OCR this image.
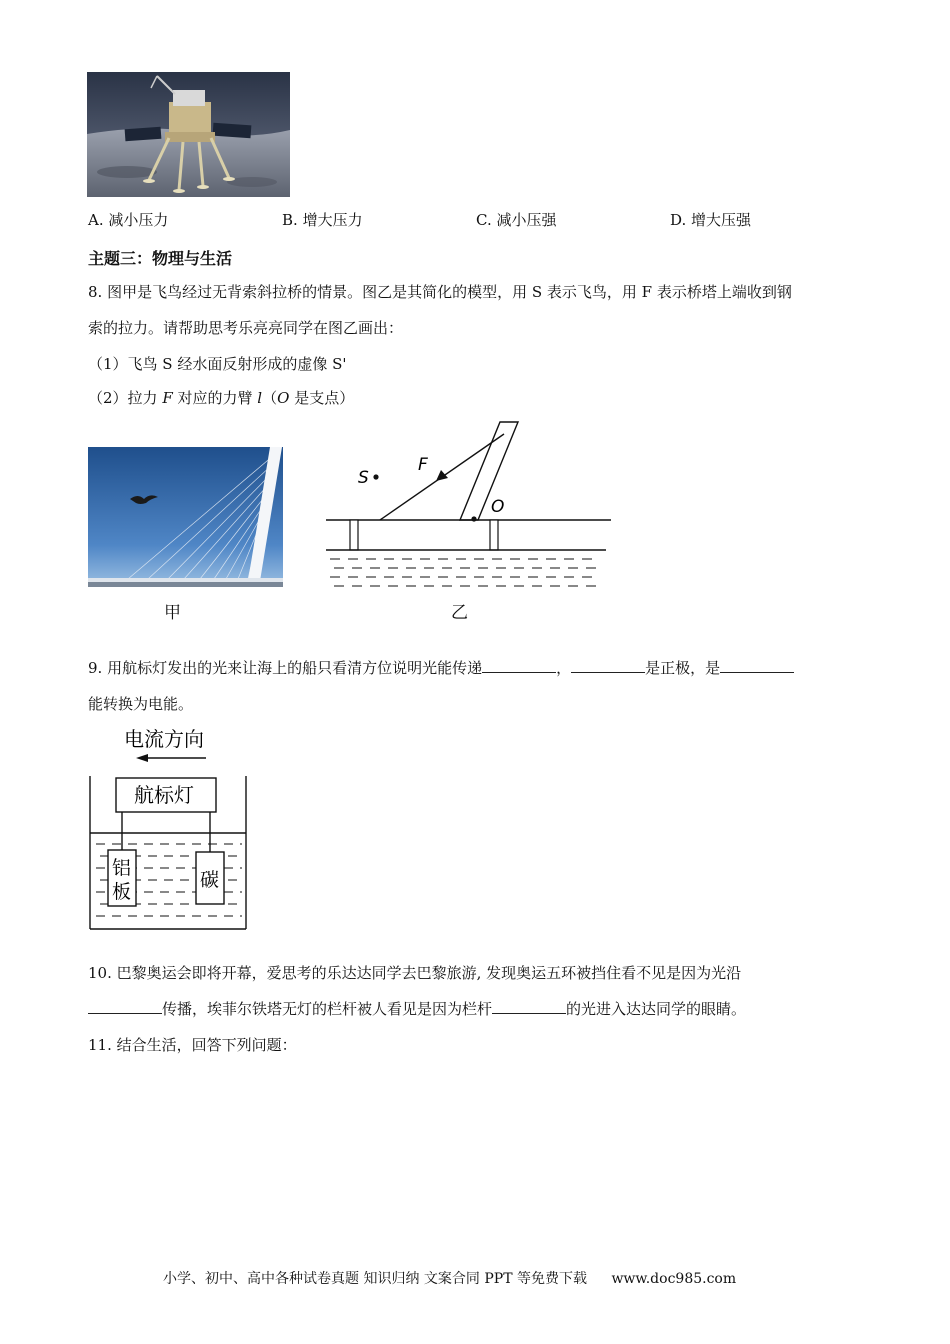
A. 减小压力	B. 增大压力	C. 减小压强	D. 增大压强
主题三：物理与生活
8. 图甲是飞鸟经过无背索斜拉桥的情景。图乙是其简化的模型，用 S 表示飞鸟，用 F 表示桥塔上端收到钢
索的拉力。请帮助思考乐亮亮同学在图乙画出：
（1）飞鸟 S 经水面反射形成的虚像 S'
（2）拉力 F 对应的力臂 l（O 是支点）
甲
S
F
O
乙
9. 用航标灯发出的光来让海上的船只看清方位说明光能传递	，	是正极，是
能转换为电能。
电流方向
航标灯
铝
板
碳
10. 巴黎奥运会即将开幕，爱思考的乐达达同学去巴黎旅游, 发现奥运五环被挡住看不见是因为光沿
传播，埃菲尔铁塔无灯的栏杆被人看见是因为栏杆	的光进入达达同学的眼睛。
11. 结合生活，回答下列问题：
小学、初中、高中各种试卷真题 知识归纳 文案合同 PPT 等免费下载 www.doc985.com
